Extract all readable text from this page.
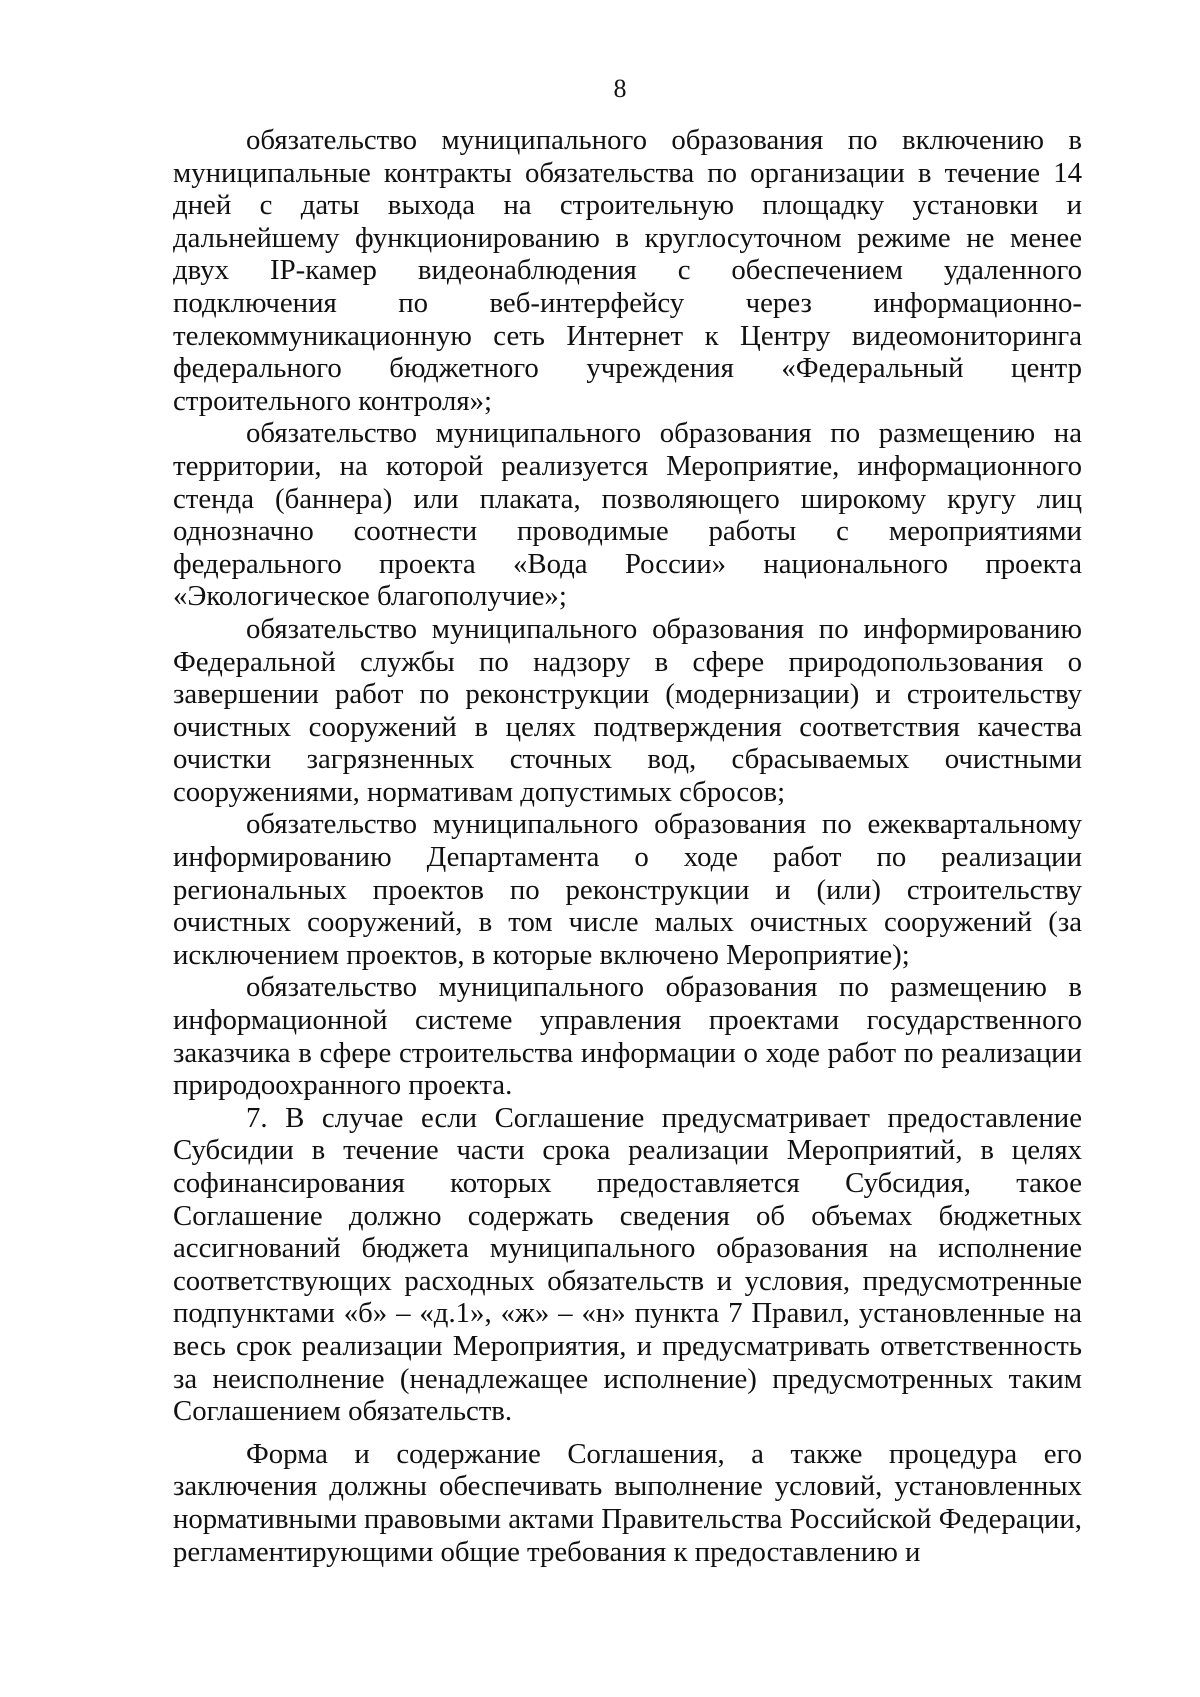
8

обязательство муниципального образования по включению в муниципальные контракты обязательства по организации в течение 14 дней с даты выхода на строительную площадку установки и дальнейшему функционированию в круглосуточном режиме не менее двух IP-камер видеонаблюдения с обеспечением удаленного подключения по веб-интерфейсу через информационно-телекоммуникационную сеть Интернет к Центру видеомониторинга федерального бюджетного учреждения «Федеральный центр строительного контроля»;

обязательство муниципального образования по размещению на территории, на которой реализуется Мероприятие, информационного стенда (баннера) или плаката, позволяющего широкому кругу лиц однозначно соотнести проводимые работы с мероприятиями федерального проекта «Вода России» национального проекта «Экологическое благополучие»;

обязательство муниципального образования по информированию Федеральной службы по надзору в сфере природопользования о завершении работ по реконструкции (модернизации) и строительству очистных сооружений в целях подтверждения соответствия качества очистки загрязненных сточных вод, сбрасываемых очистными сооружениями, нормативам допустимых сбросов;

обязательство муниципального образования по ежеквартальному информированию Департамента о ходе работ по реализации региональных проектов по реконструкции и (или) строительству очистных сооружений, в том числе малых очистных сооружений (за исключением проектов, в которые включено Мероприятие);

обязательство муниципального образования по размещению в информационной системе управления проектами государственного заказчика в сфере строительства информации о ходе работ по реализации природоохранного проекта.

7. В случае если Соглашение предусматривает предоставление Субсидии в течение части срока реализации Мероприятий, в целях софинансирования которых предоставляется Субсидия, такое Соглашение должно содержать сведения об объемах бюджетных ассигнований бюджета муниципального образования на исполнение соответствующих расходных обязательств и условия, предусмотренные подпунктами «б» – «д.1», «ж» – «н» пункта 7 Правил, установленные на весь срок реализации Мероприятия, и предусматривать ответственность за неисполнение (ненадлежащее исполнение) предусмотренных таким Соглашением обязательств.

Форма и содержание Соглашения, а также процедура его заключения должны обеспечивать выполнение условий, установленных нормативными правовыми актами Правительства Российской Федерации, регламентирующими общие требования к предоставлению и
